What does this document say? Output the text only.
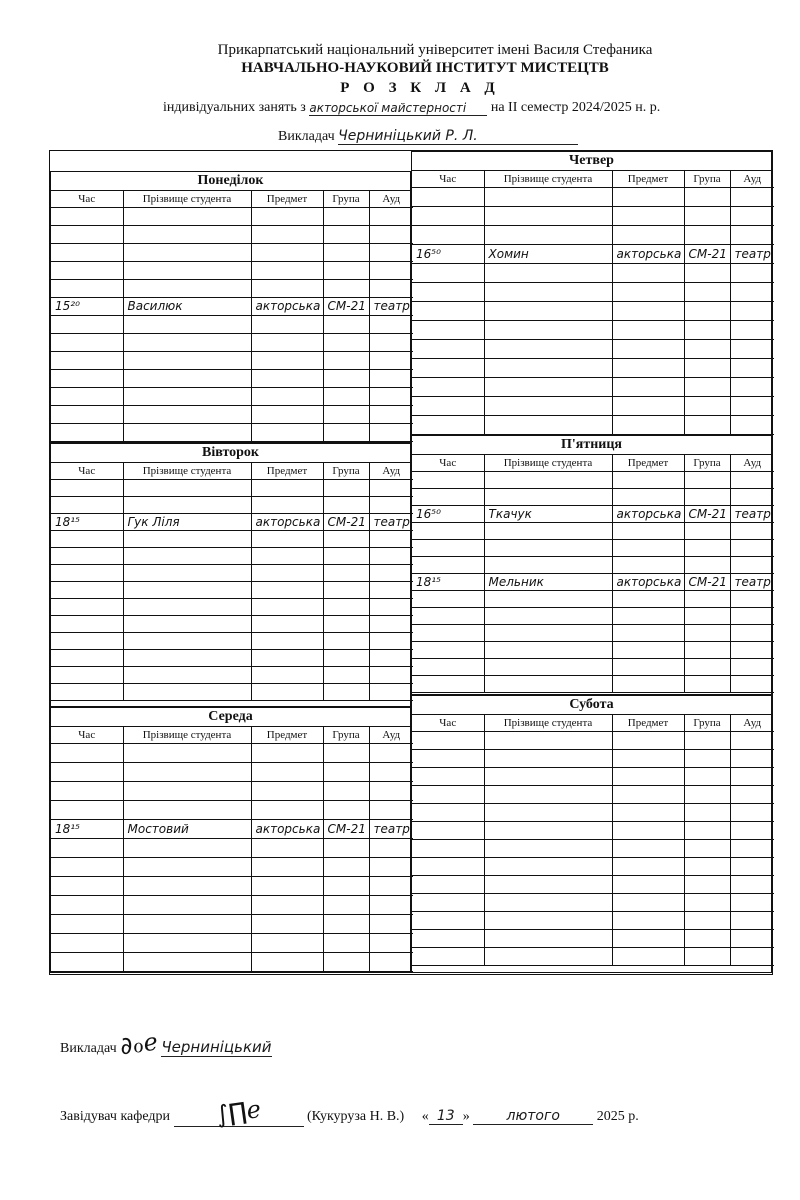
Прикарпатський національний університет імені Василя Стефаника
НАВЧАЛЬНО-НАУКОВИЙ ІНСТИТУТ МИСТЕЦТВ
Р О З К Л А Д
індивідуальних занять з акторської майстерності на II семестр 2024/2025 н. р.
Викладач Черниніцький Р. Л.
Понеділок
Час	Прізвище студента	Предмет	Група	Ауд

15²⁰	Василюк	акторська	СМ-21	театр

Вівторок
Час	Прізвище студента	Предмет	Група	Ауд

18¹⁵	Гук Ліля	акторська	СМ-21	театр

Середа
Час	Прізвище студента	Предмет	Група	Ауд

18¹⁵	Мостовий	акторська	СМ-21	театр

Четвер
Час	Прізвище студента	Предмет	Група	Ауд

16⁵⁰	Хомин	акторська	СМ-21	театр

П'ятниця
Час	Прізвище студента	Предмет	Група	Ауд

16⁵⁰	Ткачук	акторська	СМ-21	театр

18¹⁵	Мельник	акторська	СМ-21	театр

Субота
Час	Прізвище студента	Предмет	Група	Ауд

Викладач ∂ℴℯ Черниніцький
Завідувач кафедри ∫∏ℯ	(Кукуруза Н. В.) « 13 »	лютого	2025 р.
